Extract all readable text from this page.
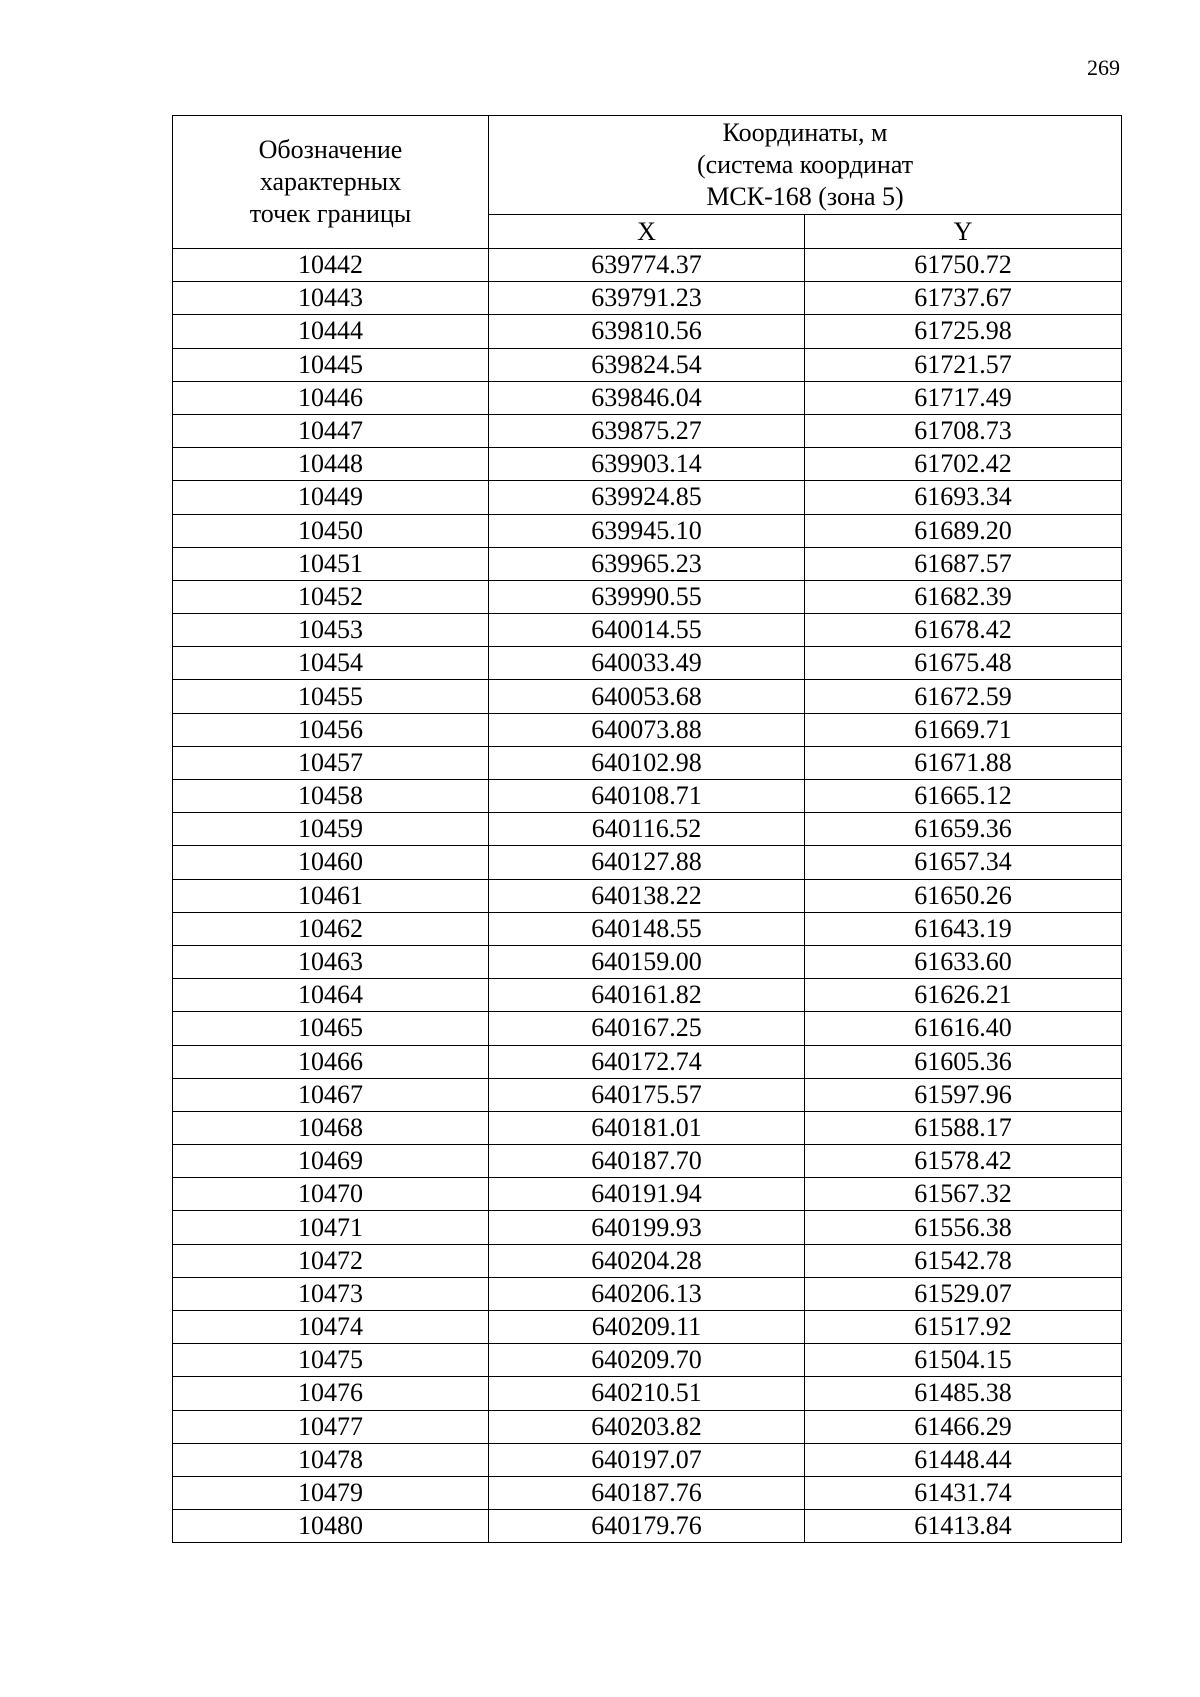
269
Обозначение
характерных
точек границы	Координаты, м
(система координат
МСК-168 (зона 5)	

	X	Y
10442	639774.37	61750.72
10443	639791.23	61737.67
10444	639810.56	61725.98
10445	639824.54	61721.57
10446	639846.04	61717.49
10447	639875.27	61708.73
10448	639903.14	61702.42
10449	639924.85	61693.34
10450	639945.10	61689.20
10451	639965.23	61687.57
10452	639990.55	61682.39
10453	640014.55	61678.42
10454	640033.49	61675.48
10455	640053.68	61672.59
10456	640073.88	61669.71
10457	640102.98	61671.88
10458	640108.71	61665.12
10459	640116.52	61659.36
10460	640127.88	61657.34
10461	640138.22	61650.26
10462	640148.55	61643.19
10463	640159.00	61633.60
10464	640161.82	61626.21
10465	640167.25	61616.40
10466	640172.74	61605.36
10467	640175.57	61597.96
10468	640181.01	61588.17
10469	640187.70	61578.42
10470	640191.94	61567.32
10471	640199.93	61556.38
10472	640204.28	61542.78
10473	640206.13	61529.07
10474	640209.11	61517.92
10475	640209.70	61504.15
10476	640210.51	61485.38
10477	640203.82	61466.29
10478	640197.07	61448.44
10479	640187.76	61431.74
10480	640179.76	61413.84
